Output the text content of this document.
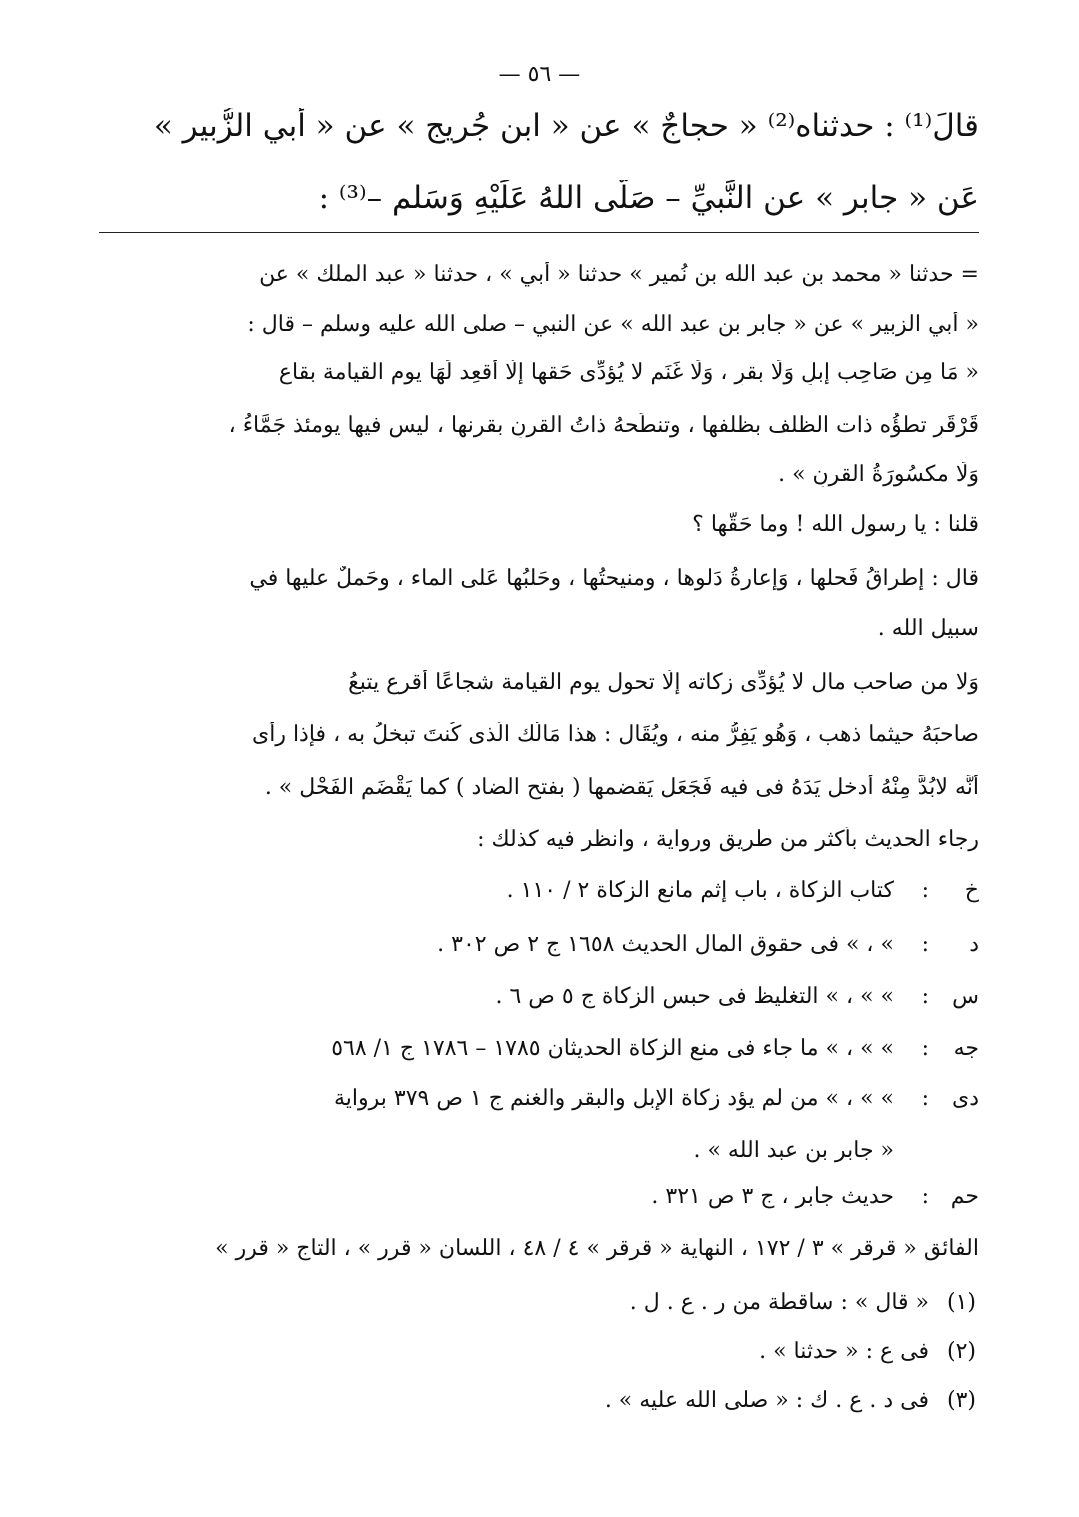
— ٥٦ —
قالَ⁽¹⁾ : حدثناه⁽²⁾ « حجاجٌ » عن « ابن جُريج » عن « أبي الزُّبير »
عَن « جابر » عن النَّبيِّ – صَلَّى اللهُ عَلَيْهِ وَسَلم –⁽³⁾ :
= حدثنا « محمد بن عبد الله بن نُمير » حدثنا « أبي » ، حدثنا « عبد الملك » عن
« أبي الزبير » عن « جابر بن عبد الله » عن النبي – صلى الله عليه وسلم – قال :
« مَا مِن صَاحِب إِبلٍ وَلَا بقرٍ ، وَلَا غَنَمٍ لا يُؤدِّى حَقها إلَّا أُقعِد لَهَا يوم القيامة بقاعٍ
قَرْقَرٍ تطؤُه ذات الظلف بظلفها ، وتنطَحهُ ذاتُ القرنِ بقرنها ، ليس فيها يومئذ جَمَّاءُ ،
وَلَا مكسُورَةُ القرنِ » .
قلنا : يا رسول الله ! وما حَقُّها ؟
قال : إطراقُ فَحلها ، وَإعارةُ دَلوها ، ومنيحتُها ، وحَلبُها عَلى الماء ، وحَملٌ عليها في
سبيل الله .
وَلا من صاحب مال لا يُؤدِّى زكاته إلَّا تحول يوم القيامة شجاعًا أقرع يتبعُ
صاحبَهُ حيثما ذهب ، وَهُو يَفِرُّ منه ، ويُقَال : هذا مَالُك الَّذى كُنتَ تبخلُ به ، فإذا رأى
أَنَّه لابُدَّ مِنْهُ أدخل يَدَهُ فى فيه فَجَعَل يَقضمها ( بفتح الضاد ) كما يَقْضَم الفَحْل » .
رجاء الحديث بأكثر من طريق ورواية ، وانظر فيه كذلك :
خ
:
كتاب الزكاة ، باب إثم مانع الزكاة ٢ / ١١٠ .
د
:
» ، » فى حقوق المال الحديث ١٦٥٨ ج ٢ ص ٣٠٢ .
س
:
» » ، » التغليظ فى حبس الزكاة ج ٥ ص ٦ .
جه
:
» » ، » ما جاء فى منع الزكاة الحديثان ١٧٨٥ – ١٧٨٦ ج ١/ ٥٦٨
دى
:
» » ، » من لم يؤد زكاة الإبل والبقر والغنم ج ١ ص ٣٧٩ برواية
« جابر بن عبد الله » .
حم
:
حديث جابر ، ج ٣ ص ٣٢١ .
الفائق « قرقر » ٣ / ١٧٢ ، النهاية « قرقر » ٤ / ٤٨ ، اللسان « قرر » ، التاج « قرر »
(١)
« قال » : ساقطة من ر . ع . ل .
(٢)
فى ع : « حدثنا » .
(٣)
فى د . ع . ك : « صلى الله عليه » .
